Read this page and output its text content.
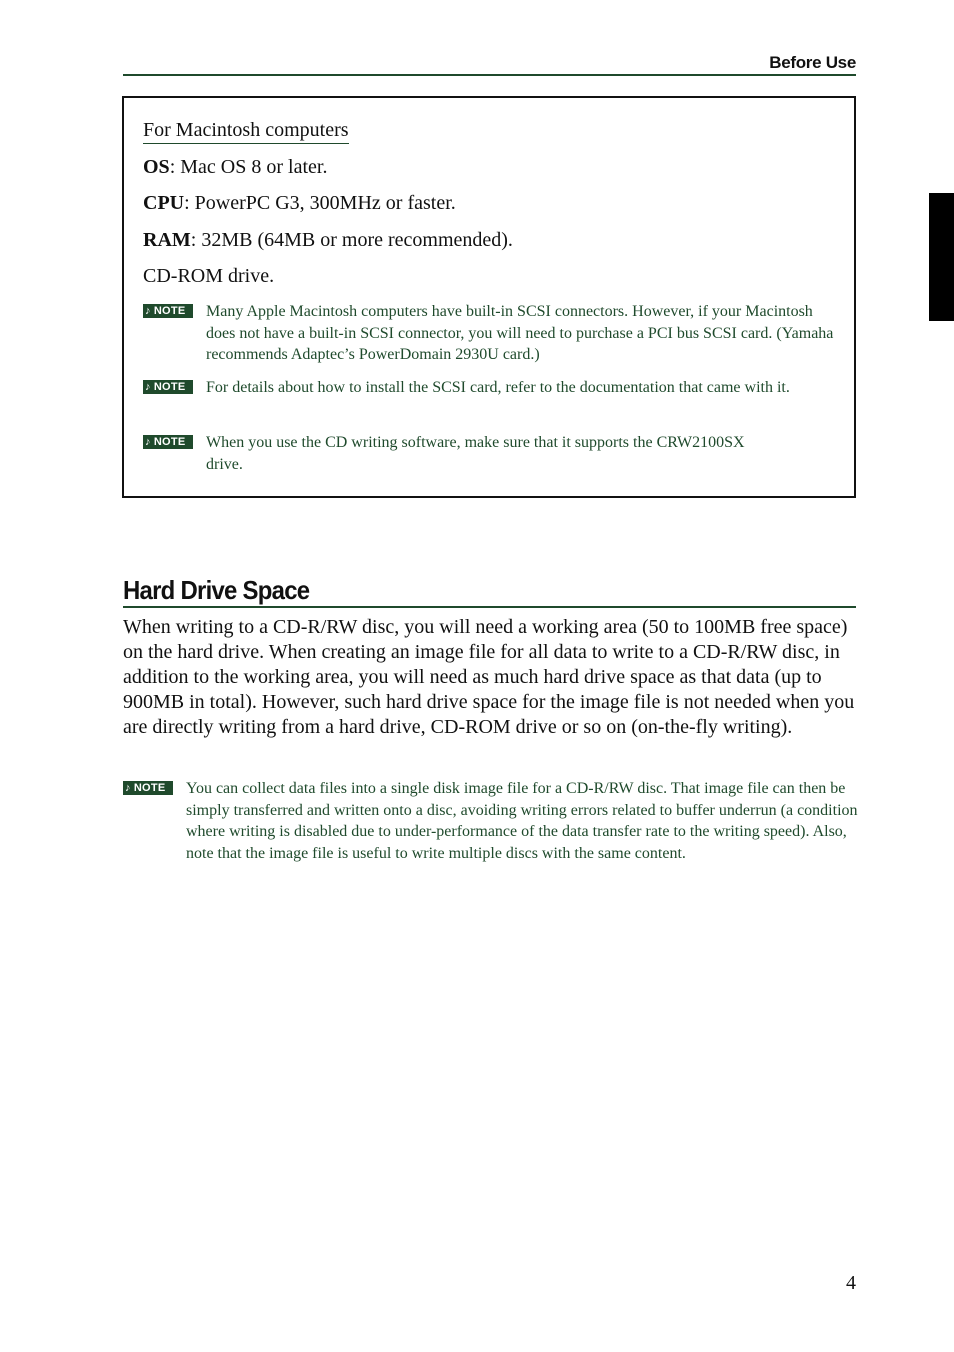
Before Use
For Macintosh computers
OS: Mac OS 8 or later.
CPU: PowerPC G3, 300MHz or faster.
RAM: 32MB (64MB or more recommended).
CD-ROM drive.
♪ NOTE Many Apple Macintosh computers have built-in SCSI connectors. However, if your Macintosh does not have a built-in SCSI connector, you will need to purchase a PCI bus SCSI card. (Yamaha recommends Adaptec’s PowerDomain 2930U card.)
♪ NOTE For details about how to install the SCSI card, refer to the documentation that came with it.
♪ NOTE When you use the CD writing software, make sure that it supports the CRW2100SX drive.
Hard Drive Space
When writing to a CD-R/RW disc, you will need a working area (50 to 100MB free space) on the hard drive. When creating an image file for all data to write to a CD-R/RW disc, in addition to the working area, you will need as much hard drive space as that data (up to 900MB in total). However, such hard drive space for the image file is not needed when you are directly writing from a hard drive, CD-ROM drive or so on (on-the-fly writing).
♪ NOTE You can collect data files into a single disk image file for a CD-R/RW disc. That image file can then be simply transferred and written onto a disc, avoiding writing errors related to buffer underrun (a condition where writing is disabled due to under-performance of the data transfer rate to the writing speed). Also, note that the image file is useful to write multiple discs with the same content.
4
